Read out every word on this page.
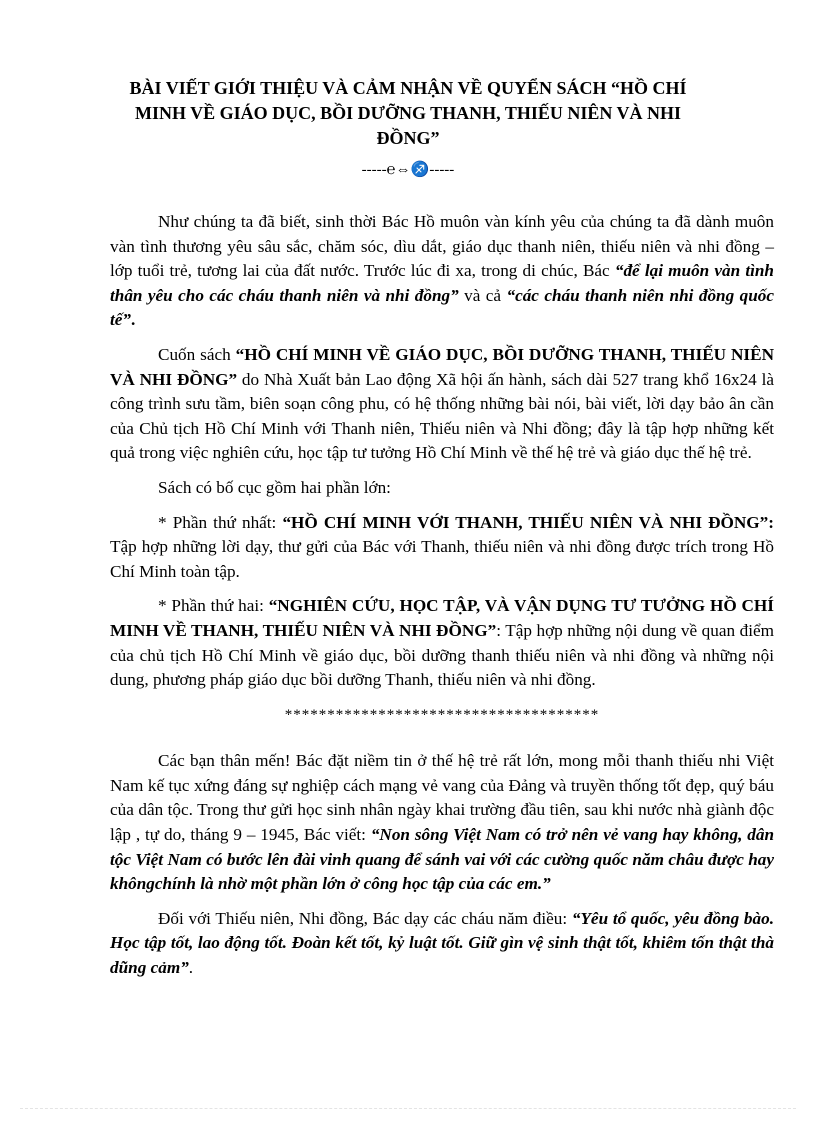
BÀI VIẾT GIỚI THIỆU VÀ CẢM NHẬN VỀ QUYỂN SÁCH “HỒ CHÍ MINH VỀ GIÁO DỤC, BỒI DƯỠNG THANH, THIẾU NIÊN VÀ NHI ĐỒNG”
-----℮⇔♐-----

Như chúng ta đã biết, sinh thời Bác Hồ muôn vàn kính yêu của chúng ta đã dành muôn vàn tình thương yêu sâu sắc, chăm sóc, dìu dắt, giáo dục thanh niên, thiếu niên và nhi đồng – lớp tuổi trẻ, tương lai của đất nước. Trước lúc đi xa, trong di chúc, Bác “để lại muôn vàn tình thân yêu cho các cháu thanh niên và nhi đồng” và cả “các cháu thanh niên nhi đồng quốc tế”.

Cuốn sách “HỒ CHÍ MINH VỀ GIÁO DỤC, BỒI DƯỠNG THANH, THIẾU NIÊN VÀ NHI ĐỒNG” do Nhà Xuất bản Lao động Xã hội ấn hành, sách dài 527 trang khổ 16x24 là công trình sưu tầm, biên soạn công phu, có hệ thống những bài nói, bài viết, lời dạy bảo ân cần của Chủ tịch Hồ Chí Minh với Thanh niên, Thiếu niên và Nhi đồng; đây là tập hợp những kết quả trong việc nghiên cứu, học tập tư tưởng Hồ Chí Minh về thế hệ trẻ và giáo dục thế hệ trẻ.

Sách có bố cục gồm hai phần lớn:

* Phần thứ nhất: “HỒ CHÍ MINH VỚI THANH, THIẾU NIÊN VÀ NHI ĐỒNG”: Tập hợp những lời dạy, thư gửi của Bác với Thanh, thiếu niên và nhi đồng được trích trong Hồ Chí Minh toàn tập.

* Phần thứ hai: “NGHIÊN CỨU, HỌC TẬP, VÀ VẬN DỤNG TƯ TƯỞNG HỒ CHÍ MINH VỀ THANH, THIẾU NIÊN VÀ NHI ĐỒNG”: Tập hợp những nội dung về quan điểm của chủ tịch Hồ Chí Minh về giáo dục, bồi dưỡng thanh thiếu niên và nhi đồng và những nội dung, phương pháp giáo dục bồi dưỡng Thanh, thiếu niên và nhi đồng.

*************************************

Các bạn thân mến! Bác đặt niềm tin ở thế hệ trẻ rất lớn, mong mỗi thanh thiếu nhi Việt Nam kế tục xứng đáng sự nghiệp cách mạng vẻ vang của Đảng và truyền thống tốt đẹp, quý báu của dân tộc. Trong thư gửi học sinh nhân ngày khai trường đầu tiên, sau khi nước nhà giành độc lập , tự do, tháng 9 – 1945, Bác viết: “Non sông Việt Nam có trở nên vẻ vang hay không, dân tộc Việt Nam có bước lên đài vinh quang để sánh vai với các cường quốc năm châu được hay khôngchính là nhờ một phần lớn ở công học tập của các em.”

Đối với Thiếu niên, Nhi đồng, Bác dạy các cháu năm điều: “Yêu tổ quốc, yêu đồng bào. Học tập tốt, lao động tốt. Đoàn kết tốt, kỷ luật tốt. Giữ gìn vệ sinh thật tốt, khiêm tốn thật thà dũng cảm”.
